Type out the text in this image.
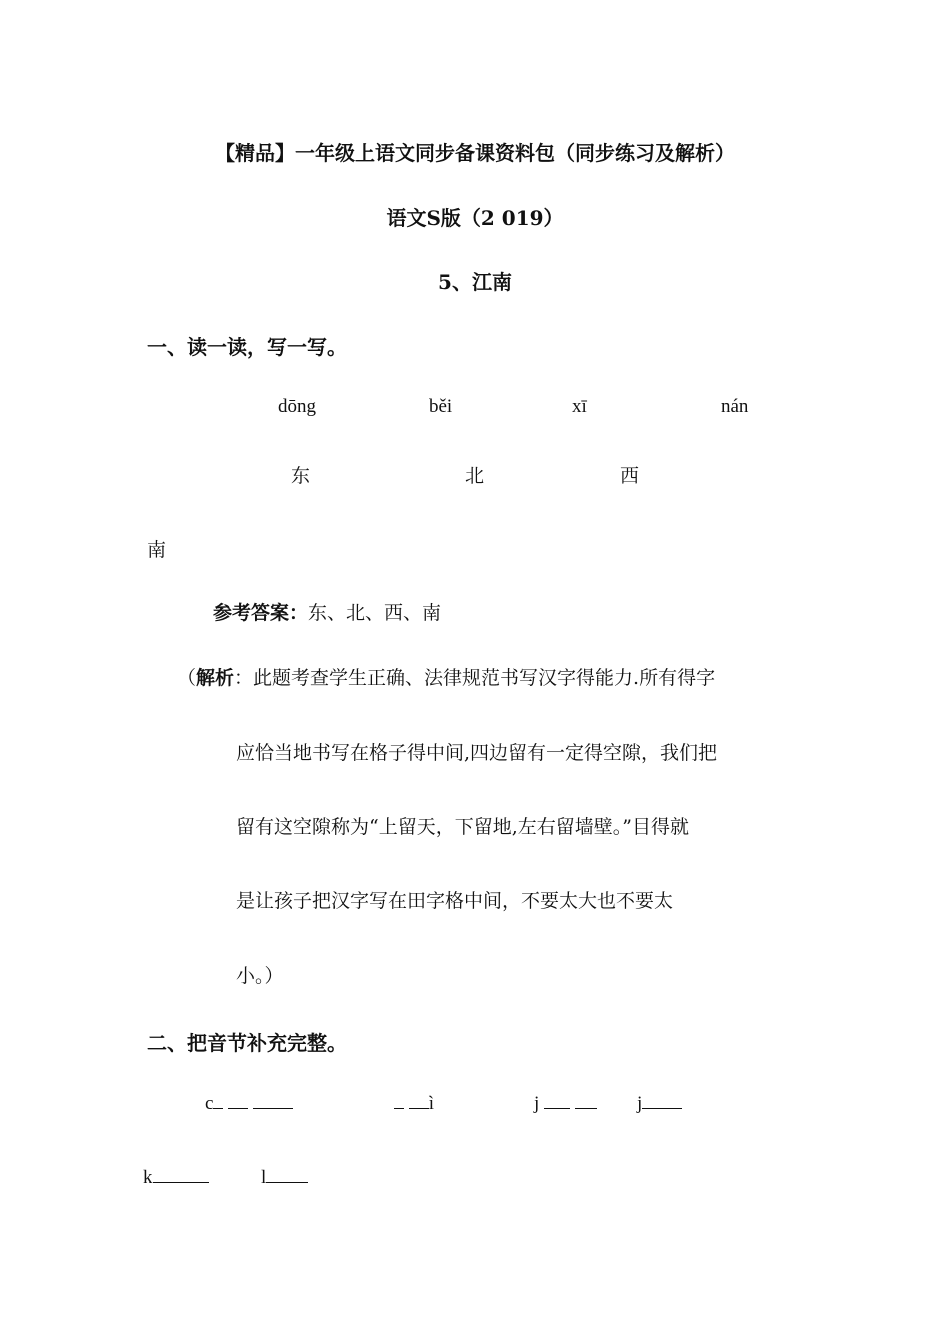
【精品】一年级上语文同步备课资料包（同步练习及解析）
语文S版（2 019）
5、江南
一、读一读，写一写。
dōng	běi	xī	nán
东	北	西
南
参考答案：东、北、西、南
（解析：此题考查学生正确、法律规范书写汉字得能力.所有得字
应恰当地书写在格子得中间,四边留有一定得空隙，我们把
留有这空隙称为“上留天，下留地,左右留墙壁。”目得就
是让孩子把汉字写在田字格中间，不要太大也不要太
小。）
二、把音节补充完整。
c	ì	j	j
k	l
